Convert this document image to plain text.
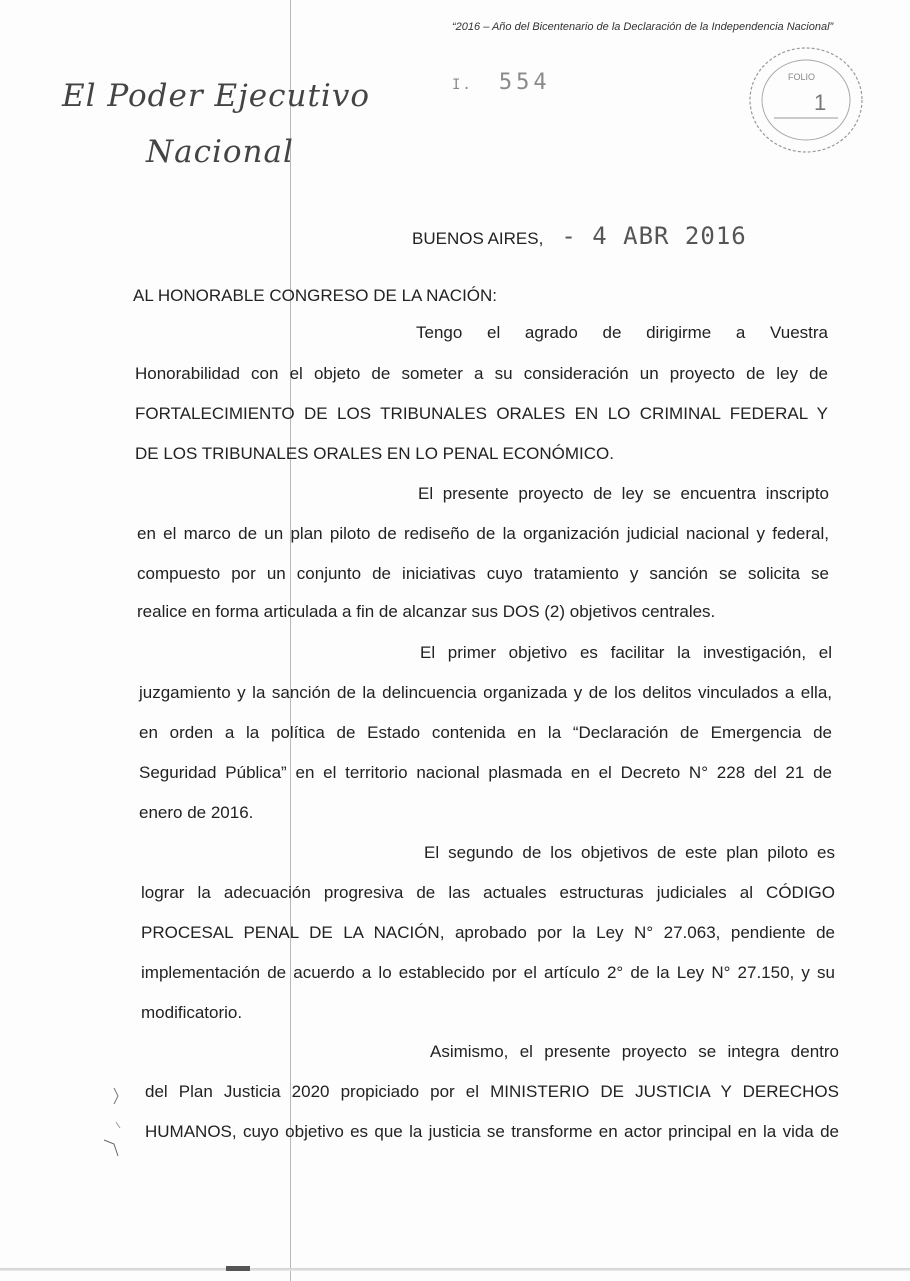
“2016 – Año del Bicentenario de la Declaración de la Independencia Nacional”
FOLIO
1
El Poder Ejecutivo
Nacional
I. 554
BUENOS AIRES, - 4 ABR 2016
AL HONORABLE CONGRESO DE LA NACIÓN:
Tengo el agrado de dirigirme a Vuestra
Honorabilidad con el objeto de someter a su consideración un proyecto de ley de
FORTALECIMIENTO DE LOS TRIBUNALES ORALES EN LO CRIMINAL FEDERAL Y
DE LOS TRIBUNALES ORALES EN LO PENAL ECONÓMICO.
El presente proyecto de ley se encuentra inscripto
en el marco de un plan piloto de rediseño de la organización judicial nacional y federal,
compuesto por un conjunto de iniciativas cuyo tratamiento y sanción se solicita se
realice en forma articulada a fin de alcanzar sus DOS (2) objetivos centrales.
El primer objetivo es facilitar la investigación, el
juzgamiento y la sanción de la delincuencia organizada y de los delitos vinculados a ella,
en orden a la política de Estado contenida en la “Declaración de Emergencia de
Seguridad Pública” en el territorio nacional plasmada en el Decreto N° 228 del 21 de
enero de 2016.
El segundo de los objetivos de este plan piloto es
lograr la adecuación progresiva de las actuales estructuras judiciales al CÓDIGO
PROCESAL PENAL DE LA NACIÓN, aprobado por la Ley N° 27.063, pendiente de
implementación de acuerdo a lo establecido por el artículo 2° de la Ley N° 27.150, y su
modificatorio.
Asimismo, el presente proyecto se integra dentro
del Plan Justicia 2020 propiciado por el MINISTERIO DE JUSTICIA Y DERECHOS
HUMANOS, cuyo objetivo es que la justicia se transforme en actor principal en la vida de
